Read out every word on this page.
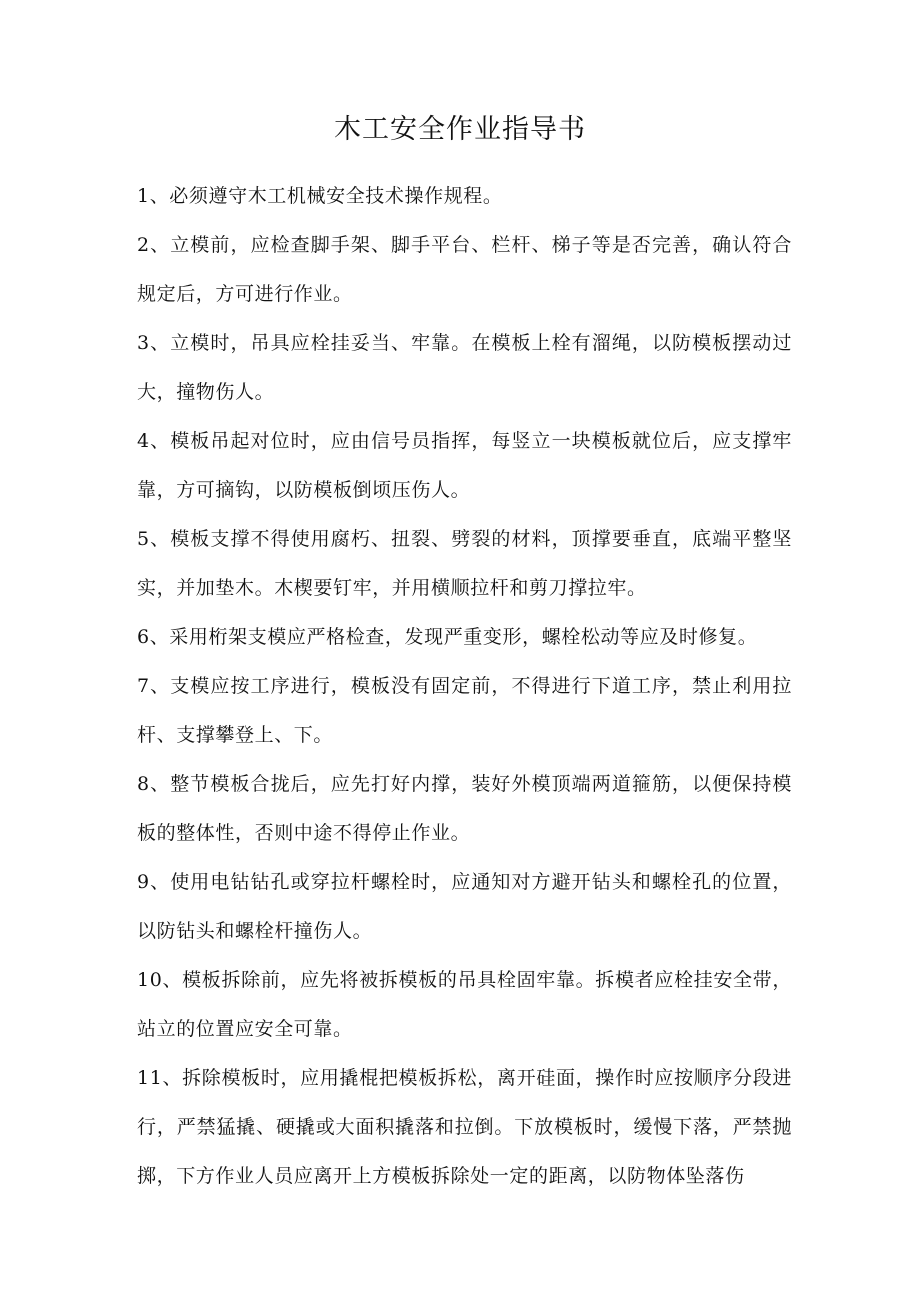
木工安全作业指导书

1、必须遵守木工机械安全技术操作规程。

2、立模前，应检查脚手架、脚手平台、栏杆、梯子等是否完善，确认符合规定后，方可进行作业。

3、立模时，吊具应栓挂妥当、牢靠。在模板上栓有溜绳，以防模板摆动过大，撞物伤人。

4、模板吊起对位时，应由信号员指挥，每竖立一块模板就位后，应支撑牢靠，方可摘钩，以防模板倒顷压伤人。

5、模板支撑不得使用腐朽、扭裂、劈裂的材料，顶撑要垂直，底端平整坚实，并加垫木。木楔要钉牢，并用横顺拉杆和剪刀撑拉牢。

6、采用桁架支模应严格检查，发现严重变形，螺栓松动等应及时修复。

7、支模应按工序进行，模板没有固定前，不得进行下道工序，禁止利用拉杆、支撑攀登上、下。

8、整节模板合拢后，应先打好内撑，装好外模顶端两道箍筋，以便保持模板的整体性，否则中途不得停止作业。

9、使用电钻钻孔或穿拉杆螺栓时，应通知对方避开钻头和螺栓孔的位置，以防钻头和螺栓杆撞伤人。

10、模板拆除前，应先将被拆模板的吊具栓固牢靠。拆模者应栓挂安全带，站立的位置应安全可靠。

11、拆除模板时，应用撬棍把模板拆松，离开硅面，操作时应按顺序分段进行，严禁猛撬、硬撬或大面积撬落和拉倒。下放模板时，缓慢下落，严禁抛掷，下方作业人员应离开上方模板拆除处一定的距离，以防物体坠落伤
